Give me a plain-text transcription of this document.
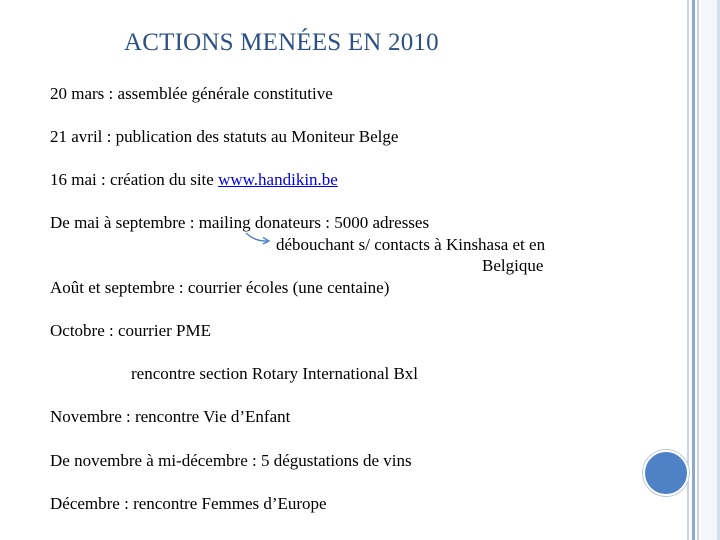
ACTIONS MENÉES EN 2010

20 mars : assemblée générale constitutive

21 avril : publication des statuts au Moniteur Belge

16 mai : création du site www.handikin.be

De mai à septembre : mailing donateurs : 5000 adresses

débouchant s/ contacts à Kinshasa et en

Belgique

Août et septembre : courrier écoles (une centaine)

Octobre : courrier PME

rencontre section Rotary International Bxl

Novembre : rencontre Vie d’Enfant

De novembre à mi-décembre : 5 dégustations de vins

Décembre : rencontre Femmes d’Europe
